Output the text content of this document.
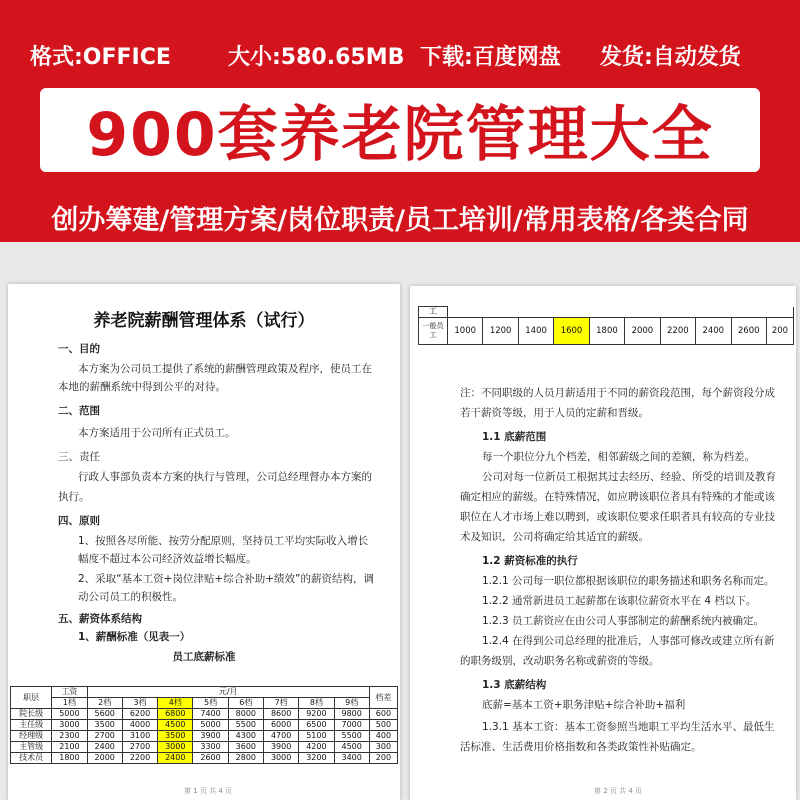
格式:OFFICE	大小:580.65MB 下载:百度网盘 发货:自动发货
900套养老院管理大全
创办筹建/管理方案/岗位职责/员工培训/常用表格/各类合同
养老院薪酬管理体系（试行）
一、目的
本方案为公司员工提供了系统的薪酬管理政策及程序，使员工在
本地的薪酬系统中得到公平的对待。
二、范围
本方案适用于公司所有正式员工。
三、责任
行政人事部负责本方案的执行与管理，公司总经理督办本方案的
执行。
四、原则
1、按照各尽所能、按劳分配原则，坚持员工平均实际收入增长
幅度不超过本公司经济效益增长幅度。
2、采取“基本工资+岗位津贴+综合补助+绩效”的薪资结构，调
动公司员工的积极性。
五、薪资体系结构
1、薪酬标准（见表一）
员工底薪标准
职层	工资	元/月								档差
	1档	2档	3档	4档	5档	6档	7档	8档	9档	
院长级	5000	5600	6200	6800	7400	8000	8600	9200	9800	600
主任级	3000	3500	4000	4500	5000	5500	6000	6500	7000	500
经理级	2300	2700	3100	3500	3900	4300	4700	5100	5500	400
主管级	2100	2400	2700	3000	3300	3600	3900	4200	4500	300
技术员	1800	2000	2200	2400	2600	2800	3000	3200	3400	200
第 1 页 共 4 页
工										
一般员
工	1000	1200	1400	1600	1800	2000	2200	2400	2600	200
注：不同职级的人员月薪适用于不同的薪资段范围，每个薪资段分成
若干薪资等级，用于人员的定薪和晋级。
1.1 底薪范围
每一个职位分九个档差，相邻薪级之间的差额，称为档差。
公司对每一位新员工根据其过去经历、经验、所受的培训及教育
确定相应的薪级。在特殊情况，如应聘该职位者具有特殊的才能或该
职位在人才市场上难以聘到，或该职位要求任职者具有较高的专业技
术及知识，公司将确定给其适宜的薪级。
1.2 薪资标准的执行
1.2.1 公司每一职位都根据该职位的职务描述和职务名称而定。
1.2.2 通常新进员工起薪都在该职位薪资水平在 4 档以下。
1.2.3 员工薪资应在由公司人事部制定的薪酬系统内被确定。
1.2.4 在得到公司总经理的批准后，人事部可修改或建立所有新
的职务级别，改动职务名称或薪资的等级。
1.3 底薪结构
底薪=基本工资+职务津贴+综合补助+福利
1.3.1 基本工资：基本工资参照当地职工平均生活水平、最低生
活标准、生活费用价格指数和各类政策性补贴确定。
第 2 页 共 4 页
